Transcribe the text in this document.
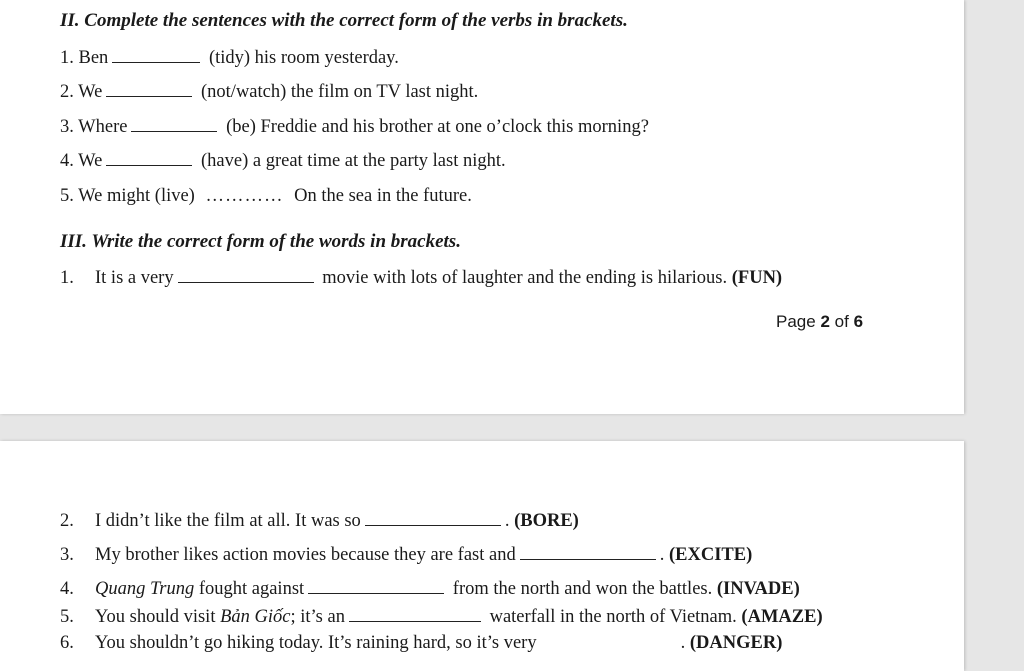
II. Complete the sentences with the correct form of the verbs in brackets.
1. Ben	(tidy) his room yesterday.
2. We	(not/watch) the film on TV last night.
3. Where	(be) Freddie and his brother at one o’clock this morning?
4. We	(have) a great time at the party last night.
5. We might (live) ………… On the sea in the future.
III. Write the correct form of the words in brackets.
1. It is a very	movie with lots of laughter and the ending is hilarious. (FUN)
Page 2 of 6
2. I didn’t like the film at all. It was so	. (BORE)
3. My brother likes action movies because they are fast and	. (EXCITE)
4. Quang Trung fought against	from the north and won the battles. (INVADE)
5. You should visit Bản Giốc; it’s an	waterfall in the north of Vietnam. (AMAZE)
6. You shouldn’t go hiking today. It’s raining hard, so it’s very	. (DANGER)
